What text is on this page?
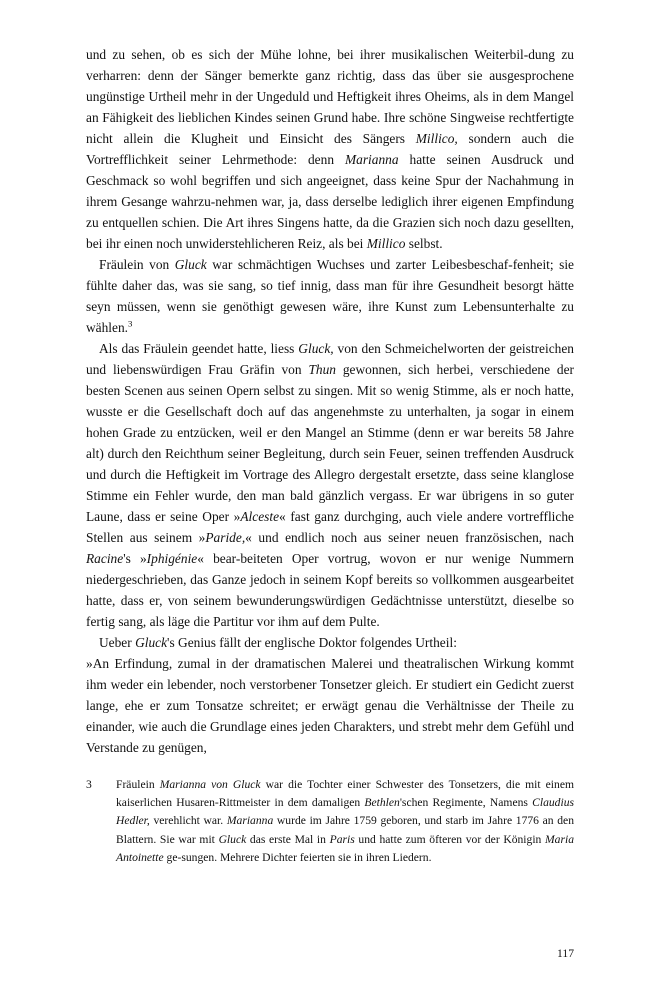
und zu sehen, ob es sich der Mühe lohne, bei ihrer musikalischen Weiterbil-dung zu verharren: denn der Sänger bemerkte ganz richtig, dass das über sie ausgesprochene ungünstige Urtheil mehr in der Ungeduld und Heftigkeit ihres Oheims, als in dem Mangel an Fähigkeit des lieblichen Kindes seinen Grund habe. Ihre schöne Singweise rechtfertigte nicht allein die Klugheit und Einsicht des Sängers Millico, sondern auch die Vortrefflichkeit seiner Lehrmethode: denn Marianna hatte seinen Ausdruck und Geschmack so wohl begriffen und sich angeeignet, dass keine Spur der Nachahmung in ihrem Gesange wahrzu-nehmen war, ja, dass derselbe lediglich ihrer eigenen Empfindung zu entquellen schien. Die Art ihres Singens hatte, da die Grazien sich noch dazu gesellten, bei ihr einen noch unwiderstehlicheren Reiz, als bei Millico selbst.

Fräulein von Gluck war schmächtigen Wuchses und zarter Leibesbeschaf-fenheit; sie fühlte daher das, was sie sang, so tief innig, dass man für ihre Gesundheit besorgt hätte seyn müssen, wenn sie genöthigt gewesen wäre, ihre Kunst zum Lebensunterhalte zu wählen.$^3$

Als das Fräulein geendet hatte, liess Gluck, von den Schmeichelworten der geistreichen und liebenswürdigen Frau Gräfin von Thun gewonnen, sich herbei, verschiedene der besten Scenen aus seinen Opern selbst zu singen. Mit so wenig Stimme, als er noch hatte, wusste er die Gesellschaft doch auf das angenehmste zu unterhalten, ja sogar in einem hohen Grade zu entzücken, weil er den Mangel an Stimme (denn er war bereits 58 Jahre alt) durch den Reichthum seiner Begleitung, durch sein Feuer, seinen treffenden Ausdruck und durch die Heftigkeit im Vortrage des Allegro dergestalt ersetzte, dass seine klanglose Stimme ein Fehler wurde, den man bald gänzlich vergass. Er war übrigens in so guter Laune, dass er seine Oper »Alceste« fast ganz durchging, auch viele andere vortreffliche Stellen aus seinem »Paride,« und endlich noch aus seiner neuen französischen, nach Racine's »Iphigénie« bear-beiteten Oper vortrug, wovon er nur wenige Nummern niedergeschrieben, das Ganze jedoch in seinem Kopf bereits so vollkommen ausgearbeitet hatte, dass er, von seinem bewunderungswürdigen Gedächtnisse unterstützt, dieselbe so fertig sang, als läge die Partitur vor ihm auf dem Pulte.

Ueber Gluck's Genius fällt der englische Doktor folgendes Urtheil:

»An Erfindung, zumal in der dramatischen Malerei und theatralischen Wirkung kommt ihm weder ein lebender, noch verstorbener Tonsetzer gleich. Er studiert ein Gedicht zuerst lange, ehe er zum Tonsatze schreitet; er erwägt genau die Verhältnisse der Theile zu einander, wie auch die Grundlage eines jeden Charakters, und strebt mehr dem Gefühl und Verstande zu genügen,

3	Fräulein Marianna von Gluck war die Tochter einer Schwester des Tonsetzers, die mit einem kaiserlichen Husaren-Rittmeister in dem damaligen Bethlen'schen Regimente, Namens Claudius Hedler, verehlicht war. Marianna wurde im Jahre 1759 geboren, und starb im Jahre 1776 an den Blattern. Sie war mit Gluck das erste Mal in Paris und hatte zum öfteren vor der Königin Maria Antoinette ge-sungen. Mehrere Dichter feierten sie in ihren Liedern.
117
